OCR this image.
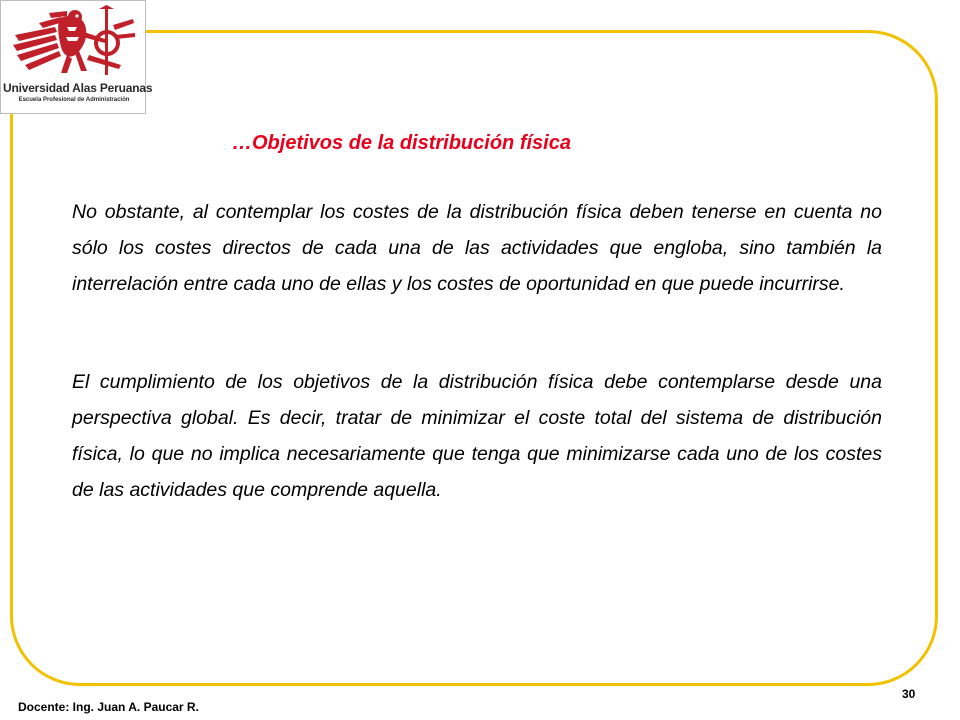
Universidad Alas Peruanas
Escuela Profesional de Administración
…Objetivos de la distribución física

No obstante, al contemplar los costes de la distribución física deben tenerse en cuenta no sólo los costes directos de cada una de las actividades que engloba, sino también la interrelación entre cada uno de ellas y los costes de oportunidad en que puede incurrirse.

El cumplimiento de los objetivos de la distribución física debe contemplarse desde una perspectiva global. Es decir, tratar de minimizar el coste total del sistema de distribución física, lo que no implica necesariamente que tenga que minimizarse cada uno de los costes de las actividades que comprende aquella.

Docente: Ing. Juan A. Paucar R.
30
